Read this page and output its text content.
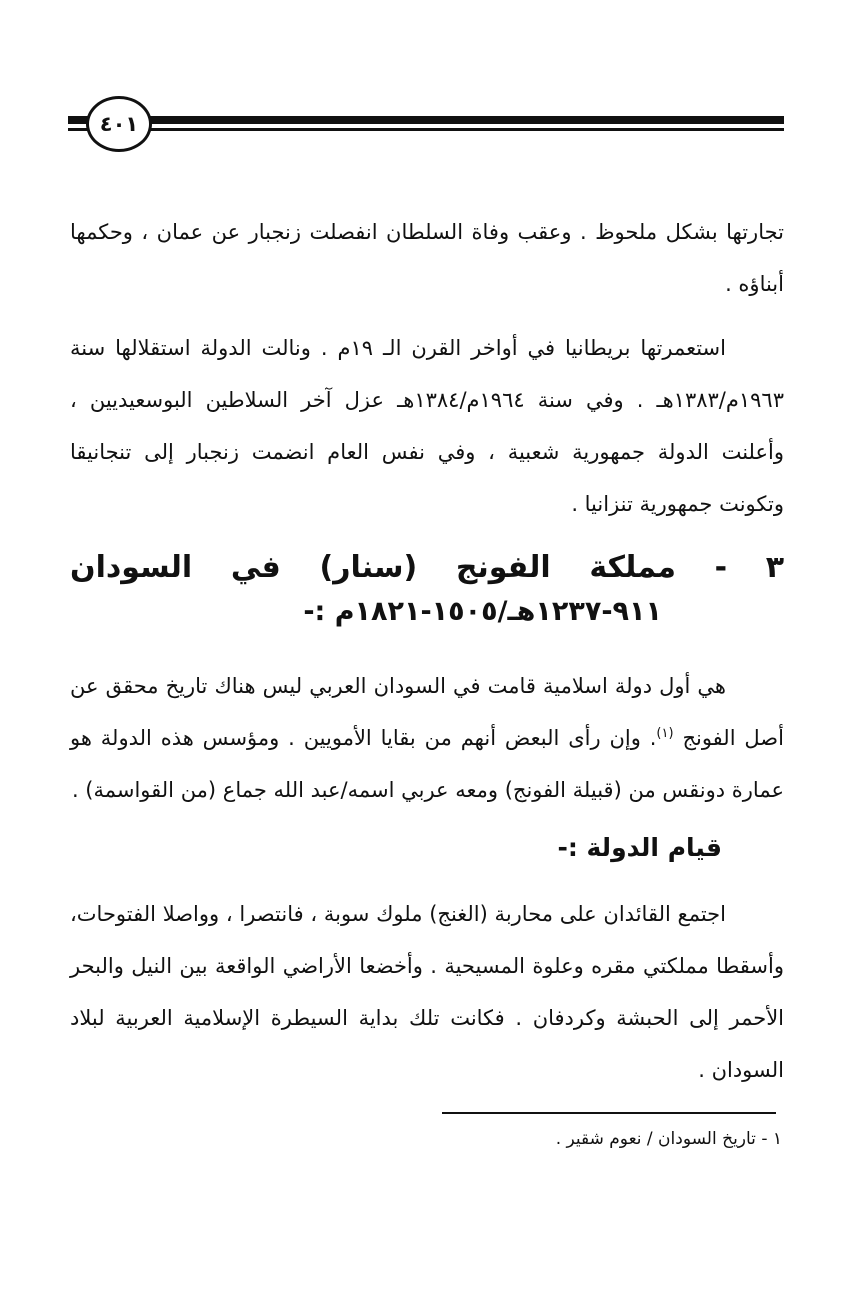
٤٠١

تجارتها بشكل ملحوظ . وعقب وفاة السلطان انفصلت زنجبار عن عمان ، وحكمها أبناؤه .

استعمرتها بريطانيا في أواخر القرن الـ ١٩م . ونالت الدولة استقلالها سنة ١٩٦٣م/١٣٨٣هـ . وفي سنة ١٩٦٤م/١٣٨٤هـ عزل آخر السلاطين البوسعيديين ، وأعلنت الدولة جمهورية شعبية ، وفي نفس العام انضمت زنجبار إلى تنجانيقا وتكونت جمهورية تنزانيا .

٣ - مملكة الفونج (سنار) في السودان
٩١١-١٢٣٧هـ/١٥٠٥-١٨٢١م :-

هي أول دولة اسلامية قامت في السودان العربي ليس هناك تاريخ محقق عن أصل الفونج $^{(١)}$. وإن رأى البعض أنهم من بقايا الأمويين . ومؤسس هذه الدولة هو عمارة دونقس من (قبيلة الفونج) ومعه عربي اسمه/عبد الله جماع (من القواسمة) .

قيام الدولة :-

اجتمع القائدان على محاربة (الغنج) ملوك سوبة ، فانتصرا ، وواصلا الفتوحات، وأسقطا مملكتي مقره وعلوة المسيحية . وأخضعا الأراضي الواقعة بين النيل والبحر الأحمر إلى الحبشة وكردفان . فكانت تلك بداية السيطرة الإسلامية العربية لبلاد السودان .

١ - تاريخ السودان / نعوم شقير .
